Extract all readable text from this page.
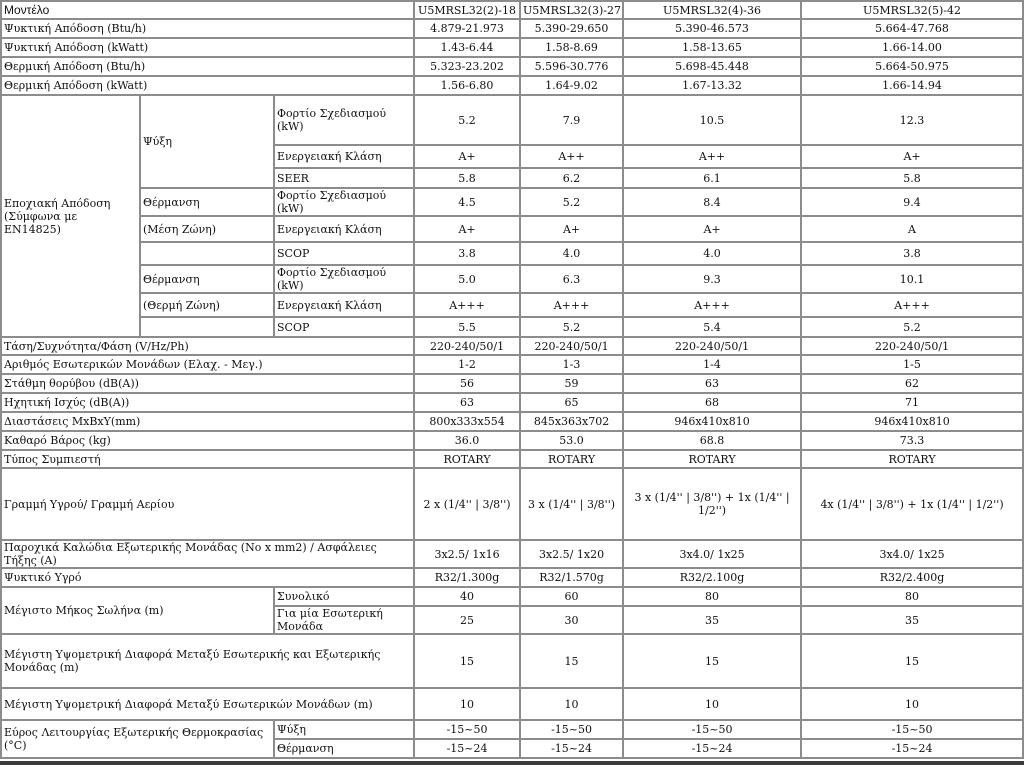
Μοντέλο			U5MRSL32(2)-18	U5MRSL32(3)-27	U5MRSL32(4)-36	U5MRSL32(5)-42
Ψυκτική Απόδοση (Btu/h)			4.879-21.973	5.390-29.650	5.390-46.573	5.664-47.768
Ψυκτική Απόδοση (kWatt)			1.43-6.44	1.58-8.69	1.58-13.65	1.66-14.00
Θερμική Απόδοση (Btu/h)			5.323-23.202	5.596-30.776	5.698-45.448	5.664-50.975
Θερμική Απόδοση (kWatt)			1.56-6.80	1.64-9.02	1.67-13.32	1.66-14.94
Εποχιακή Απόδοση (Σύμφωνα με EN14825)	Ψύξη	Φορτίο Σχεδιασμού (kW)	5.2	7.9	10.5	12.3
		Ενεργειακή Κλάση	A+	A++	A++	A+
		SEER	5.8	6.2	6.1	5.8
	Θέρμανση	Φορτίο Σχεδιασμού (kW)	4.5	5.2	8.4	9.4
	(Μέση Ζώνη)	Ενεργειακή Κλάση	A+	A+	A+	A
		SCOP	3.8	4.0	4.0	3.8
	Θέρμανση	Φορτίο Σχεδιασμού (kW)	5.0	6.3	9.3	10.1
	(Θερμή Ζώνη)	Ενεργειακή Κλάση	A+++	A+++	A+++	A+++
		SCOP	5.5	5.2	5.4	5.2
Τάση/Συχνότητα/Φάση (V/Hz/Ph)			220-240/50/1	220-240/50/1	220-240/50/1	220-240/50/1
Αριθμός Εσωτερικών Μονάδων (Ελαχ. - Μεγ.)			1-2	1-3	1-4	1-5
Στάθμη θορύβου (dB(A))			56	59	63	62
Ηχητική Ισχύς (dB(A))			63	65	68	71
Διαστάσεις ΜxΒxΥ(mm)			800x333x554	845x363x702	946x410x810	946x410x810
Καθαρό Βάρος (kg)			36.0	53.0	68.8	73.3
Τύπος Συμπιεστή			ROTARY	ROTARY	ROTARY	ROTARY
Γραμμή Υγρού/ Γραμμή Αερίου			2 x (1/4'' | 3/8'')	3 x (1/4'' | 3/8'')	3 x (1/4'' | 3/8'') + 1x (1/4'' | 1/2'')	4x (1/4'' | 3/8'') + 1x (1/4'' | 1/2'')
Παροχικά Καλώδια Εξωτερικής Μονάδας (Νο x mm2) / Ασφάλειες Τήξης (A)			3x2.5/ 1x16	3x2.5/ 1x20	3x4.0/ 1x25	3x4.0/ 1x25
Ψυκτικό Υγρό			R32/1.300g	R32/1.570g	R32/2.100g	R32/2.400g
Μέγιστο Μήκος Σωλήνα (m)		Συνολικό	40	60	80	80
		Για μία Εσωτερική Μονάδα	25	30	35	35
Μέγιστη Υψομετρική Διαφορά Μεταξύ Εσωτερικής και Εξωτερικής Μονάδας (m)			15	15	15	15
Μέγιστη Υψομετρική Διαφορά Μεταξύ Εσωτερικών Μονάδων (m)			10	10	10	10
Εύρος Λειτουργίας Εξωτερικής Θερμοκρασίας (°C)		Ψύξη	-15~50	-15~50	-15~50	-15~50
		Θέρμανση	-15~24	-15~24	-15~24	-15~24
